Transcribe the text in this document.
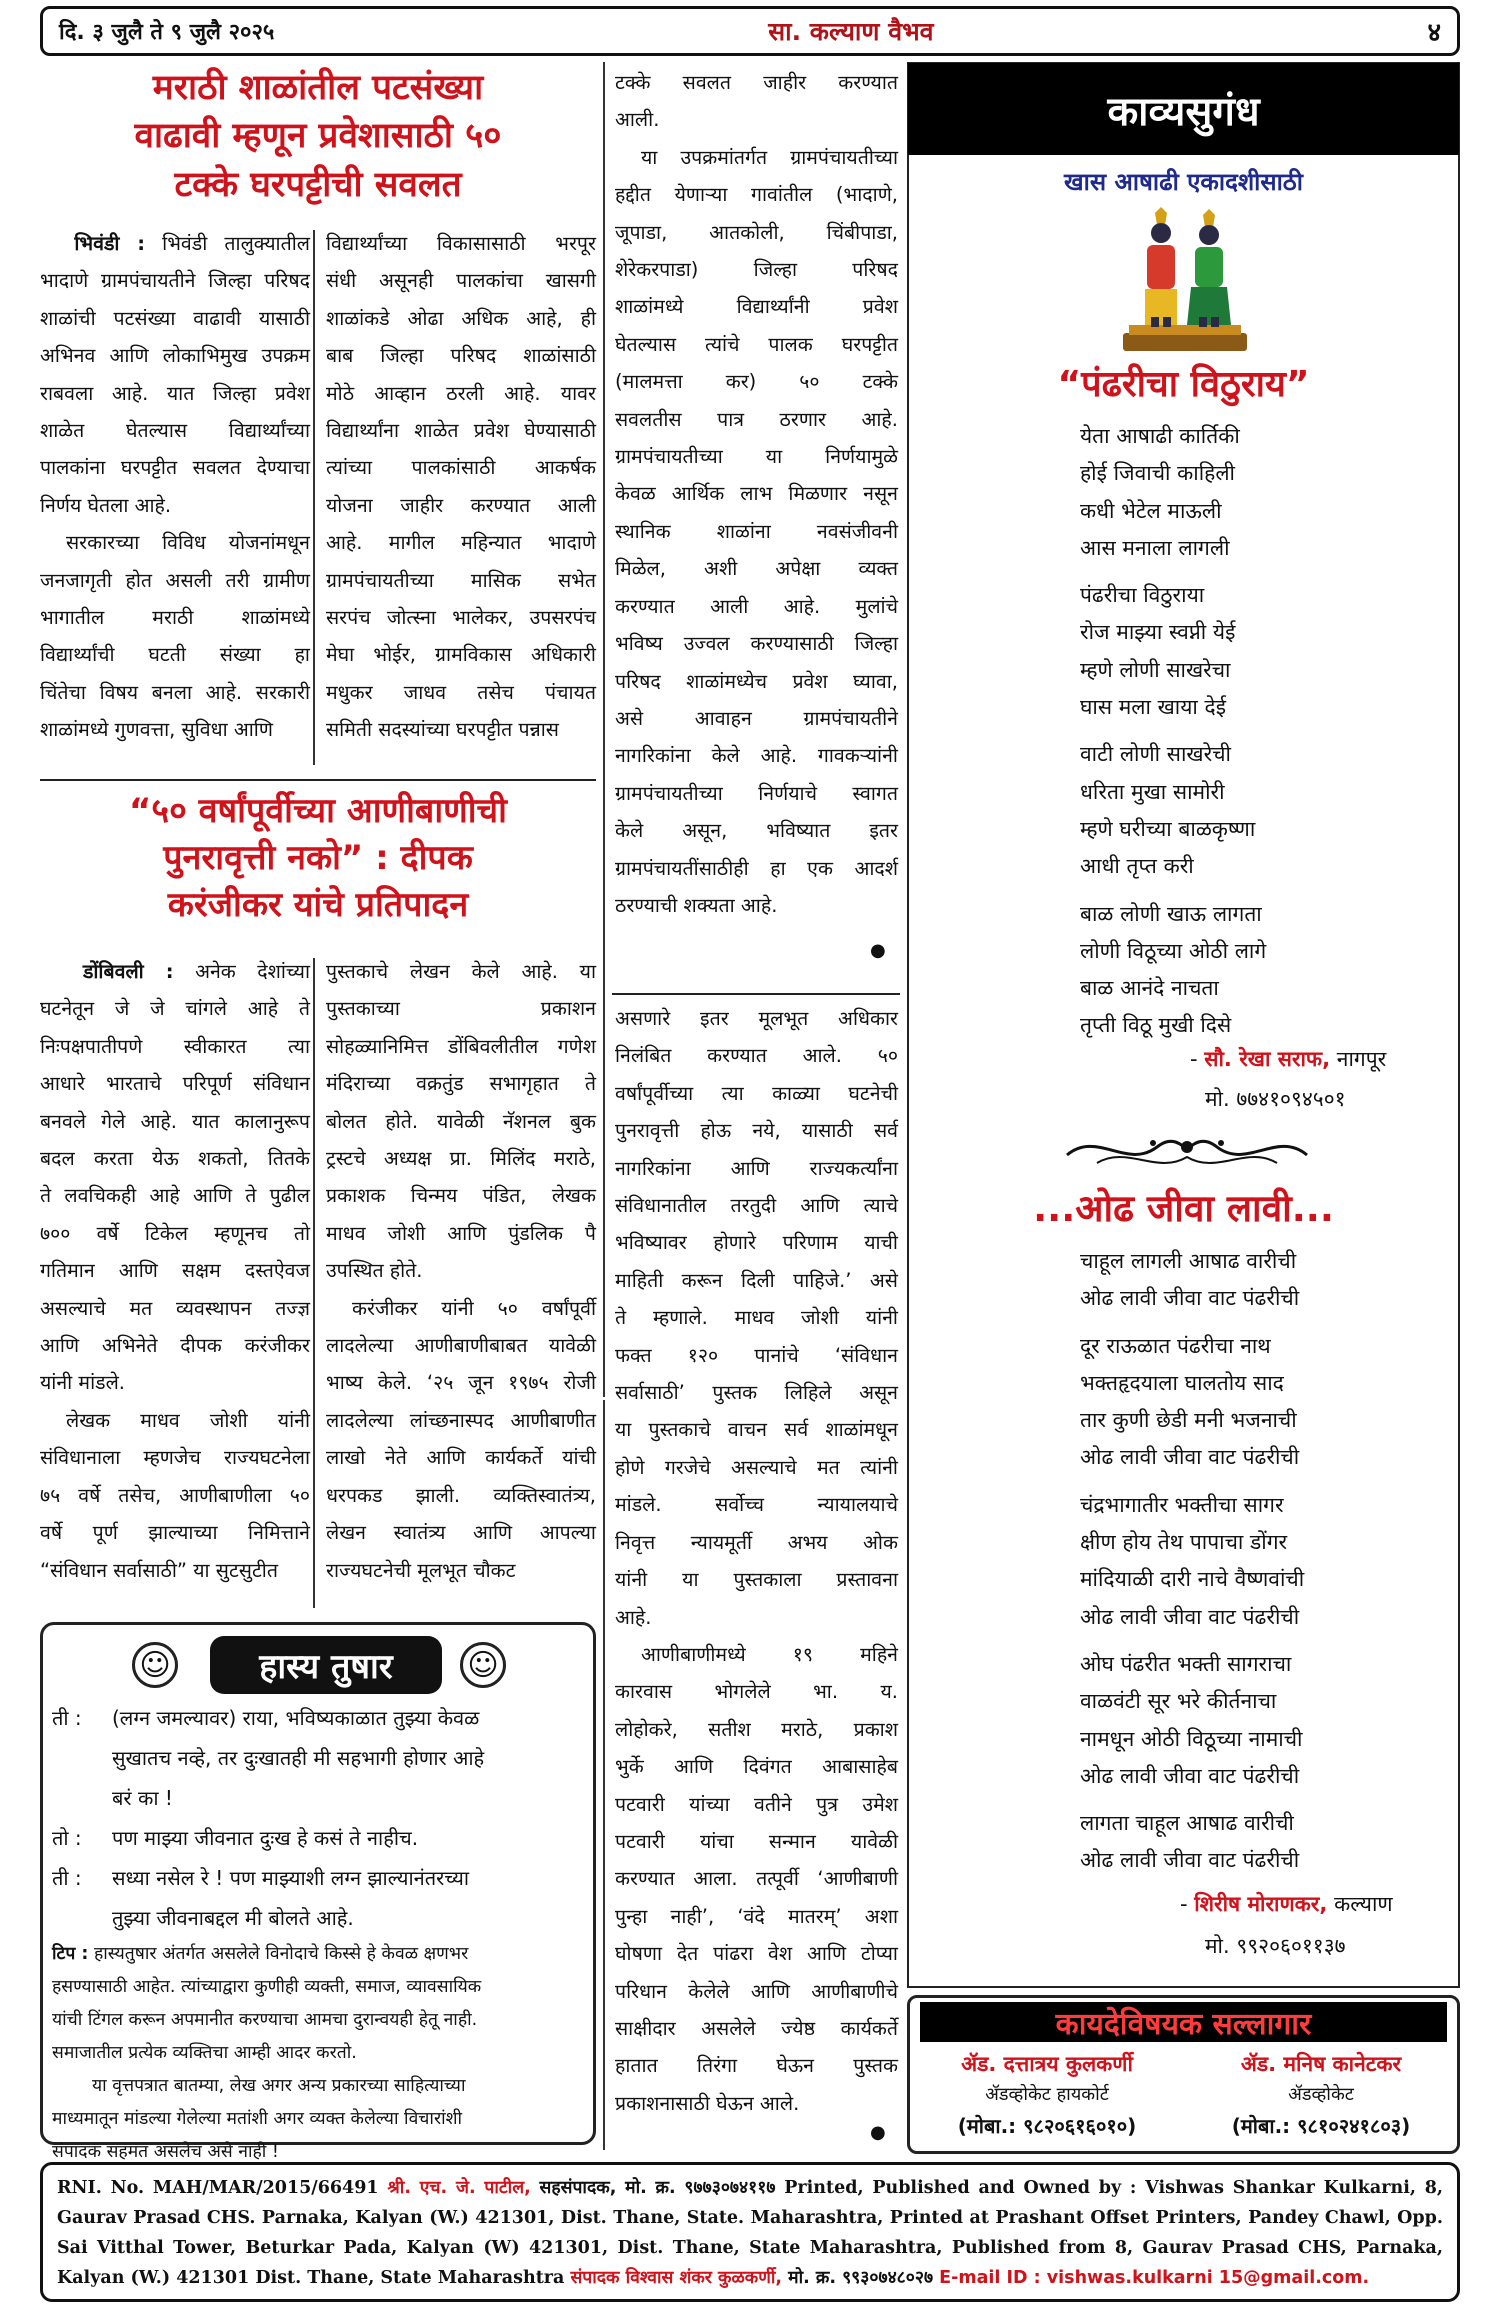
दि. ३ जुलै ते ९ जुलै २०२५	सा. कल्याण वैभव	४
मराठी शाळांतील पटसंख्या
वाढावी म्हणून प्रवेशासाठी ५०
टक्के घरपट्टीची सवलत
भिवंडी : भिवंडी तालुक्यातील
भादाणे ग्रामपंचायतीने जिल्हा परिषद
शाळांची पटसंख्या वाढावी यासाठी
अभिनव आणि लोकाभिमुख उपक्रम
राबवला आहे. यात जिल्हा प्रवेश
शाळेत घेतल्यास विद्यार्थ्यांच्या
पालकांना घरपट्टीत सवलत देण्याचा
निर्णय घेतला आहे.
सरकारच्या विविध योजनांमधून
जनजागृती होत असली तरी ग्रामीण
भागातील मराठी शाळांमध्ये
विद्यार्थ्यांची घटती संख्या हा
चिंतेचा विषय बनला आहे. सरकारी
शाळांमध्ये गुणवत्ता, सुविधा आणि
विद्यार्थ्यांच्या विकासासाठी भरपूर
संधी असूनही पालकांचा खासगी
शाळांकडे ओढा अधिक आहे, ही
बाब जिल्हा परिषद शाळांसाठी
मोठे आव्हान ठरली आहे. यावर
विद्यार्थ्यांना शाळेत प्रवेश घेण्यासाठी
त्यांच्या पालकांसाठी आकर्षक
योजना जाहीर करण्यात आली
आहे. मागील महिन्यात भादाणे
ग्रामपंचायतीच्या मासिक सभेत
सरपंच जोत्स्ना भालेकर, उपसरपंच
मेघा भोईर, ग्रामविकास अधिकारी
मधुकर जाधव तसेच पंचायत
समिती सदस्यांच्या घरपट्टीत पन्नास
टक्के सवलत जाहीर करण्यात
आली.
या उपक्रमांतर्गत ग्रामपंचायतीच्या
हद्दीत येणाऱ्या गावांतील (भादाणे,
जूपाडा, आतकोली, चिंबीपाडा,
शेरेकरपाडा) जिल्हा परिषद
शाळांमध्ये विद्यार्थ्यांनी प्रवेश
घेतल्यास त्यांचे पालक घरपट्टीत
(मालमत्ता कर) ५० टक्के
सवलतीस पात्र ठरणार आहे.
ग्रामपंचायतीच्या या निर्णयामुळे
केवळ आर्थिक लाभ मिळणार नसून
स्थानिक शाळांना नवसंजीवनी
मिळेल, अशी अपेक्षा व्यक्त
करण्यात आली आहे. मुलांचे
भविष्य उज्वल करण्यासाठी जिल्हा
परिषद शाळांमध्येच प्रवेश घ्यावा,
असे आवाहन ग्रामपंचायतीने
नागरिकांना केले आहे. गावकऱ्यांनी
ग्रामपंचायतीच्या निर्णयाचे स्वागत
केले असून, भविष्यात इतर
ग्रामपंचायतींसाठीही हा एक आदर्श
ठरण्याची शक्यता आहे.
●
“५० वर्षांपूर्वीच्या आणीबाणीची
पुनरावृत्ती नको” : दीपक
करंजीकर यांचे प्रतिपादन
डोंबिवली : अनेक देशांच्या
घटनेतून जे जे चांगले आहे ते
निःपक्षपातीपणे स्वीकारत त्या
आधारे भारताचे परिपूर्ण संविधान
बनवले गेले आहे. यात कालानुरूप
बदल करता येऊ शकतो, तितके
ते लवचिकही आहे आणि ते पुढील
७०० वर्षे टिकेल म्हणूनच तो
गतिमान आणि सक्षम दस्तऐवज
असल्याचे मत व्यवस्थापन तज्ज्ञ
आणि अभिनेते दीपक करंजीकर
यांनी मांडले.
लेखक माधव जोशी यांनी
संविधानाला म्हणजेच राज्यघटनेला
७५ वर्षे तसेच, आणीबाणीला ५०
वर्षे पूर्ण झाल्याच्या निमित्ताने
“संविधान सर्वासाठी” या सुटसुटीत
पुस्तकाचे लेखन केले आहे. या
पुस्तकाच्या प्रकाशन
सोहळ्यानिमित्त डोंबिवलीतील गणेश
मंदिराच्या वक्रतुंड सभागृहात ते
बोलत होते. यावेळी नॅशनल बुक
ट्रस्टचे अध्यक्ष प्रा. मिलिंद मराठे,
प्रकाशक चिन्मय पंडित, लेखक
माधव जोशी आणि पुंडलिक पै
उपस्थित होते.
करंजीकर यांनी ५० वर्षांपूर्वी
लादलेल्या आणीबाणीबाबत यावेळी
भाष्य केले. ‘२५ जून १९७५ रोजी
लादलेल्या लांच्छनास्पद आणीबाणीत
लाखो नेते आणि कार्यकर्ते यांची
धरपकड झाली. व्यक्तिस्वातंत्र्य,
लेखन स्वातंत्र्य आणि आपल्या
राज्यघटनेची मूलभूत चौकट
असणारे इतर मूलभूत अधिकार
निलंबित करण्यात आले. ५०
वर्षांपूर्वीच्या त्या काळ्या घटनेची
पुनरावृत्ती होऊ नये, यासाठी सर्व
नागरिकांना आणि राज्यकर्त्यांना
संविधानातील तरतुदी आणि त्याचे
भविष्यावर होणारे परिणाम याची
माहिती करून दिली पाहिजे.’ असे
ते म्हणाले. माधव जोशी यांनी
फक्त १२० पानांचे ‘संविधान
सर्वासाठी’ पुस्तक लिहिले असून
या पुस्तकाचे वाचन सर्व शाळांमधून
होणे गरजेचे असल्याचे मत त्यांनी
मांडले. सर्वोच्च न्यायालयाचे
निवृत्त न्यायमूर्ती अभय ओक
यांनी या पुस्तकाला प्रस्तावना
आहे.
आणीबाणीमध्ये १९ महिने
कारवास भोगलेले भा. य.
लोहोकरे, सतीश मराठे, प्रकाश
भुर्के आणि दिवंगत आबासाहेब
पटवारी यांच्या वतीने पुत्र उमेश
पटवारी यांचा सन्मान यावेळी
करण्यात आला. तत्पूर्वी ‘आणीबाणी
पुन्हा नाही’, ‘वंदे मातरम्’ अशा
घोषणा देत पांढरा वेश आणि टोप्या
परिधान केलेले आणि आणीबाणीचे
साक्षीदार असलेले ज्येष्ठ कार्यकर्ते
हातात तिरंगा घेऊन पुस्तक
प्रकाशनासाठी घेऊन आले.
●
☺	हास्य तुषार	☺
ती :	(लग्न जमल्यावर) राया, भविष्यकाळात तुझ्या केवळ
सुखातच नव्हे, तर दुःखातही मी सहभागी होणार आहे
बरं का !
तो :	पण माझ्या जीवनात दुःख हे कसं ते नाहीच.
ती :	सध्या नसेल रे ! पण माझ्याशी लग्न झाल्यानंतरच्या
तुझ्या जीवनाबद्दल मी बोलते आहे.
टिप : हास्यतुषार अंतर्गत असलेले विनोदाचे किस्से हे केवळ क्षणभर
हसण्यासाठी आहेत. त्यांच्याद्वारा कुणीही व्यक्ती, समाज, व्यावसायिक
यांची टिंगल करून अपमानीत करण्याचा आमचा दुरान्वयही हेतू नाही.
समाजातील प्रत्येक व्यक्तिचा आम्ही आदर करतो.
या वृत्तपत्रात बातम्या, लेख अगर अन्य प्रकारच्या साहित्याच्या
माध्यमातून मांडल्या गेलेल्या मतांशी अगर व्यक्त केलेल्या विचारांशी
संपादक सहमत असलेच असे नाही !
काव्यसुगंध
खास आषाढी एकादशीसाठी
“पंढरीचा विठुराय”
येता आषाढी कार्तिकी
होई जिवाची काहिली
कधी भेटेल माऊली
आस मनाला लागली
पंढरीचा विठुराया
रोज माझ्या स्वप्नी येई
म्हणे लोणी साखरेचा
घास मला खाया देई
वाटी लोणी साखरेची
धरिता मुखा सामोरी
म्हणे घरीच्या बाळकृष्णा
आधी तृप्त करी
बाळ लोणी खाऊ लागता
लोणी विठूच्या ओठी लागे
बाळ आनंदे नाचता
तृप्ती विठू मुखी दिसे
- सौ. रेखा सराफ, नागपूर
मो. ७७४१०९४५०१
...ओढ जीवा लावी...
चाहूल लागली आषाढ वारीची
ओढ लावी जीवा वाट पंढरीची
दूर राऊळात पंढरीचा नाथ
भक्तहृदयाला घालतोय साद
तार कुणी छेडी मनी भजनाची
ओढ लावी जीवा वाट पंढरीची
चंद्रभागातीर भक्तीचा सागर
क्षीण होय तेथ पापाचा डोंगर
मांदियाळी दारी नाचे वैष्णवांची
ओढ लावी जीवा वाट पंढरीची
ओघ पंढरीत भक्ती सागराचा
वाळवंटी सूर भरे कीर्तनाचा
नामधून ओठी विठूच्या नामाची
ओढ लावी जीवा वाट पंढरीची
लागता चाहूल आषाढ वारीची
ओढ लावी जीवा वाट पंढरीची
- शिरीष मोराणकर, कल्याण
मो. ९९२०६०११३७
कायदेविषयक सल्लागार
ॲड. दत्तात्रय कुलकर्णी
ॲडव्होकेट हायकोर्ट
(मोबा.: ९८२०६१६०१०)
ॲड. मनिष कानेटकर
ॲडव्होकेट
(मोबा.: ९८१०२४१८०३)
RNI. No. MAH/MAR/2015/66491 श्री. एच. जे. पाटील, सहसंपादक, मो. क्र. ९७७३०७४११७ Printed, Published and Owned by : Vishwas Shankar Kulkarni, 8, Gaurav Prasad CHS. Parnaka, Kalyan (W.) 421301, Dist. Thane, State. Maharashtra, Printed at Prashant Offset Printers, Pandey Chawl, Opp. Sai Vitthal Tower, Beturkar Pada, Kalyan (W) 421301, Dist. Thane, State Maharashtra, Published from 8, Gaurav Prasad CHS, Parnaka, Kalyan (W.) 421301 Dist. Thane, State Maharashtra संपादक विश्वास शंकर कुळकर्णी, मो. क्र. ९९३०७४८०२७ E-mail ID : vishwas.kulkarni 15@gmail.com.
